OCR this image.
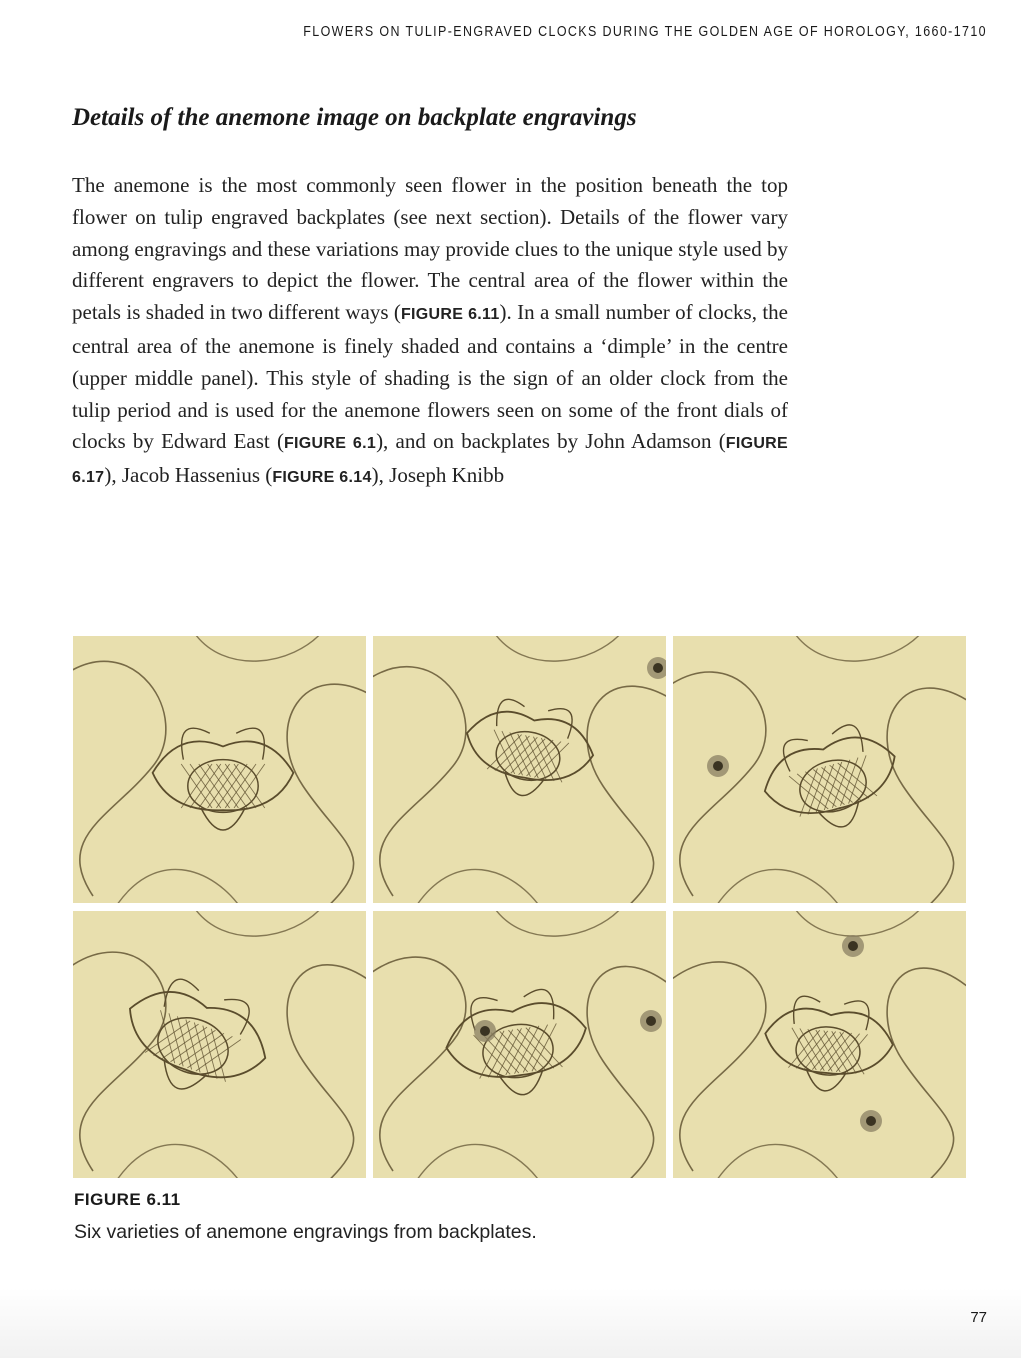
FLOWERS ON TULIP-ENGRAVED CLOCKS DURING THE GOLDEN AGE OF HOROLOGY, 1660-1710
Details of the anemone image on backplate engravings

The anemone is the most commonly seen flower in the position beneath the top flower on tulip engraved backplates (see next section). Details of the flower vary among engravings and these variations may provide clues to the unique style used by different engravers to depict the flower. The central area of the flower within the petals is shaded in two different ways (FIGURE 6.11). In a small number of clocks, the central area of the anemone is finely shaded and contains a ‘dimple’ in the centre (upper middle panel). This style of shading is the sign of an older clock from the tulip period and is used for the anemone flowers seen on some of the front dials of clocks by Edward East (FIGURE 6.1), and on backplates by John Adamson (FIGURE 6.17), Jacob Hassenius (FIGURE 6.14), Joseph Knibb

FIGURE 6.11
Six varieties of anemone engravings from backplates.
77
